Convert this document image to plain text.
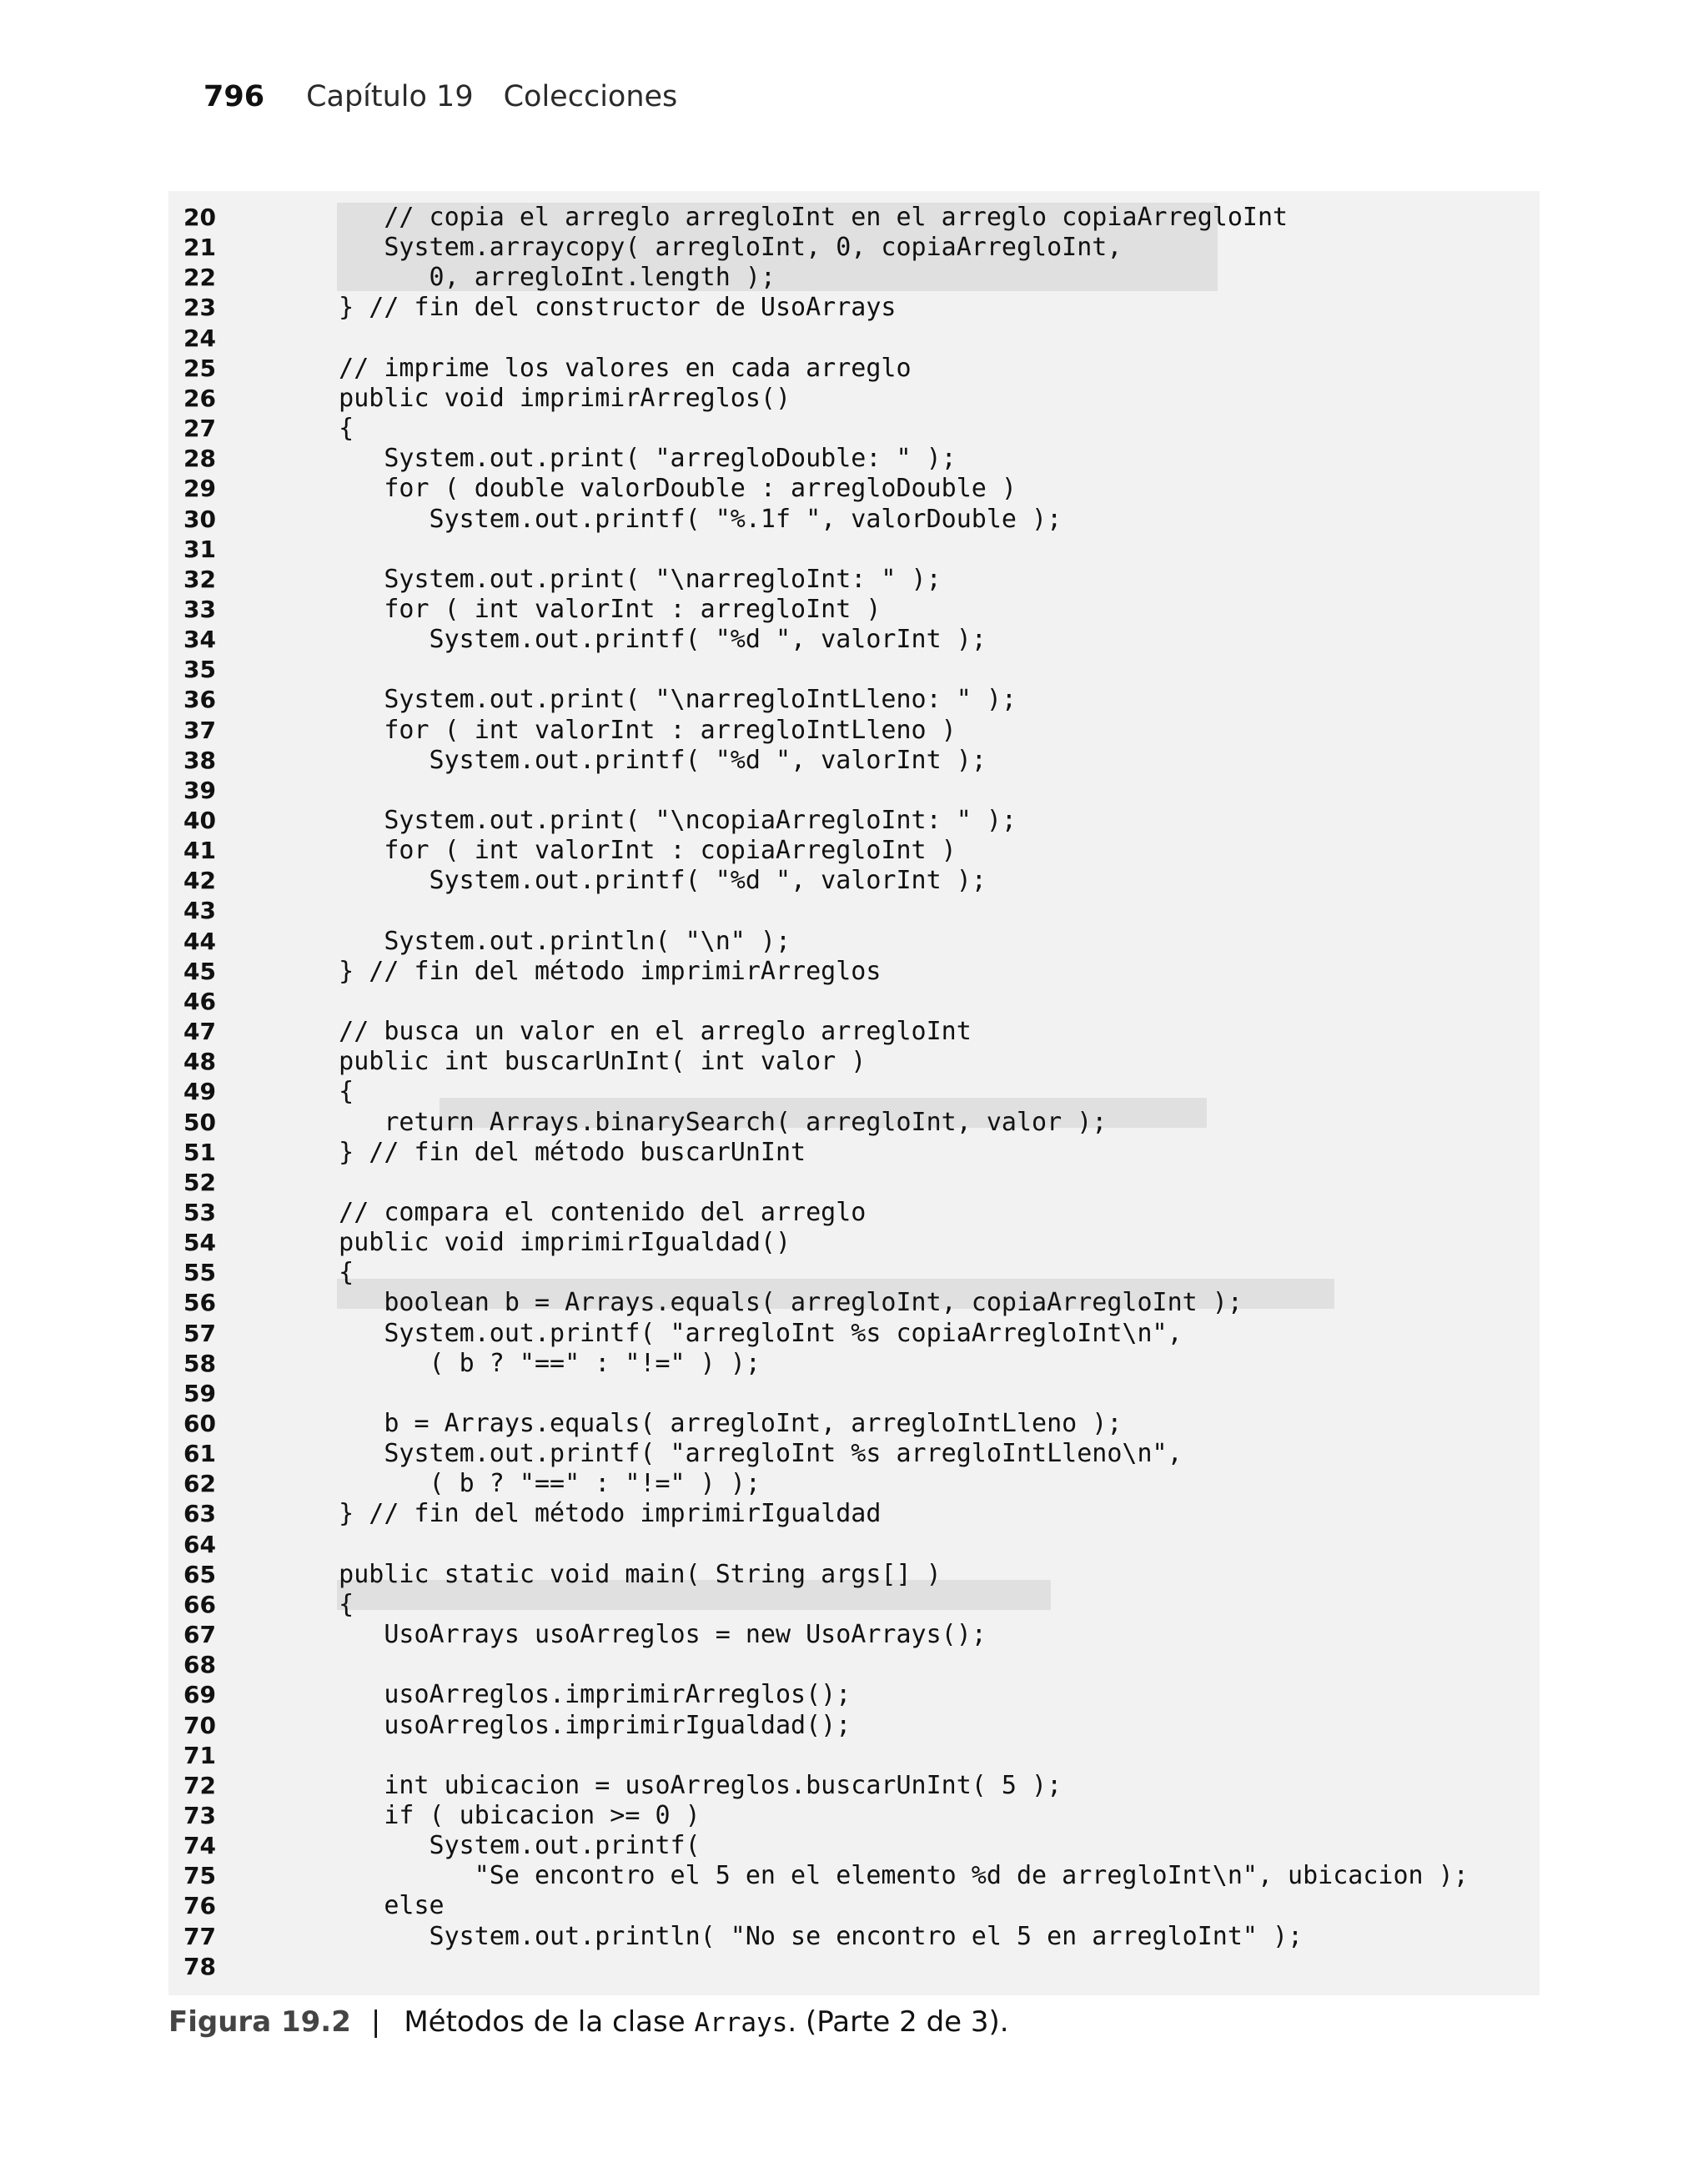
796 Capítulo 19 Colecciones
20	// copia el arreglo arregloInt en el arreglo copiaArregloInt
21	System.arraycopy( arregloInt, 0, copiaArregloInt,
22	0, arregloInt.length );
23	} // fin del constructor de UsoArrays
24
25	// imprime los valores en cada arreglo
26	public void imprimirArreglos()
27	{
28	System.out.print( "arregloDouble: " );
29	for ( double valorDouble : arregloDouble )
30	System.out.printf( "%.1f ", valorDouble );
31
32	System.out.print( "\narregloInt: " );
33	for ( int valorInt : arregloInt )
34	System.out.printf( "%d ", valorInt );
35
36	System.out.print( "\narregloIntLleno: " );
37	for ( int valorInt : arregloIntLleno )
38	System.out.printf( "%d ", valorInt );
39
40	System.out.print( "\ncopiaArregloInt: " );
41	for ( int valorInt : copiaArregloInt )
42	System.out.printf( "%d ", valorInt );
43
44	System.out.println( "\n" );
45	} // fin del método imprimirArreglos
46
47	// busca un valor en el arreglo arregloInt
48	public int buscarUnInt( int valor )
49	{
50	return Arrays.binarySearch( arregloInt, valor );
51	} // fin del método buscarUnInt
52
53	// compara el contenido del arreglo
54	public void imprimirIgualdad()
55	{
56	boolean b = Arrays.equals( arregloInt, copiaArregloInt );
57	System.out.printf( "arregloInt %s copiaArregloInt\n",
58	( b ? "==" : "!=" ) );
59
60	b = Arrays.equals( arregloInt, arregloIntLleno );
61	System.out.printf( "arregloInt %s arregloIntLleno\n",
62	( b ? "==" : "!=" ) );
63	} // fin del método imprimirIgualdad
64
65	public static void main( String args[] )
66	{
67	UsoArrays usoArreglos = new UsoArrays();
68
69	usoArreglos.imprimirArreglos();
70	usoArreglos.imprimirIgualdad();
71
72	int ubicacion = usoArreglos.buscarUnInt( 5 );
73	if ( ubicacion >= 0 )
74	System.out.printf(
75	"Se encontro el 5 en el elemento %d de arregloInt\n", ubicacion );
76	else
77	System.out.println( "No se encontro el 5 en arregloInt" );
78
Figura 19.2 | Métodos de la clase Arrays . (Parte 2 de 3).
